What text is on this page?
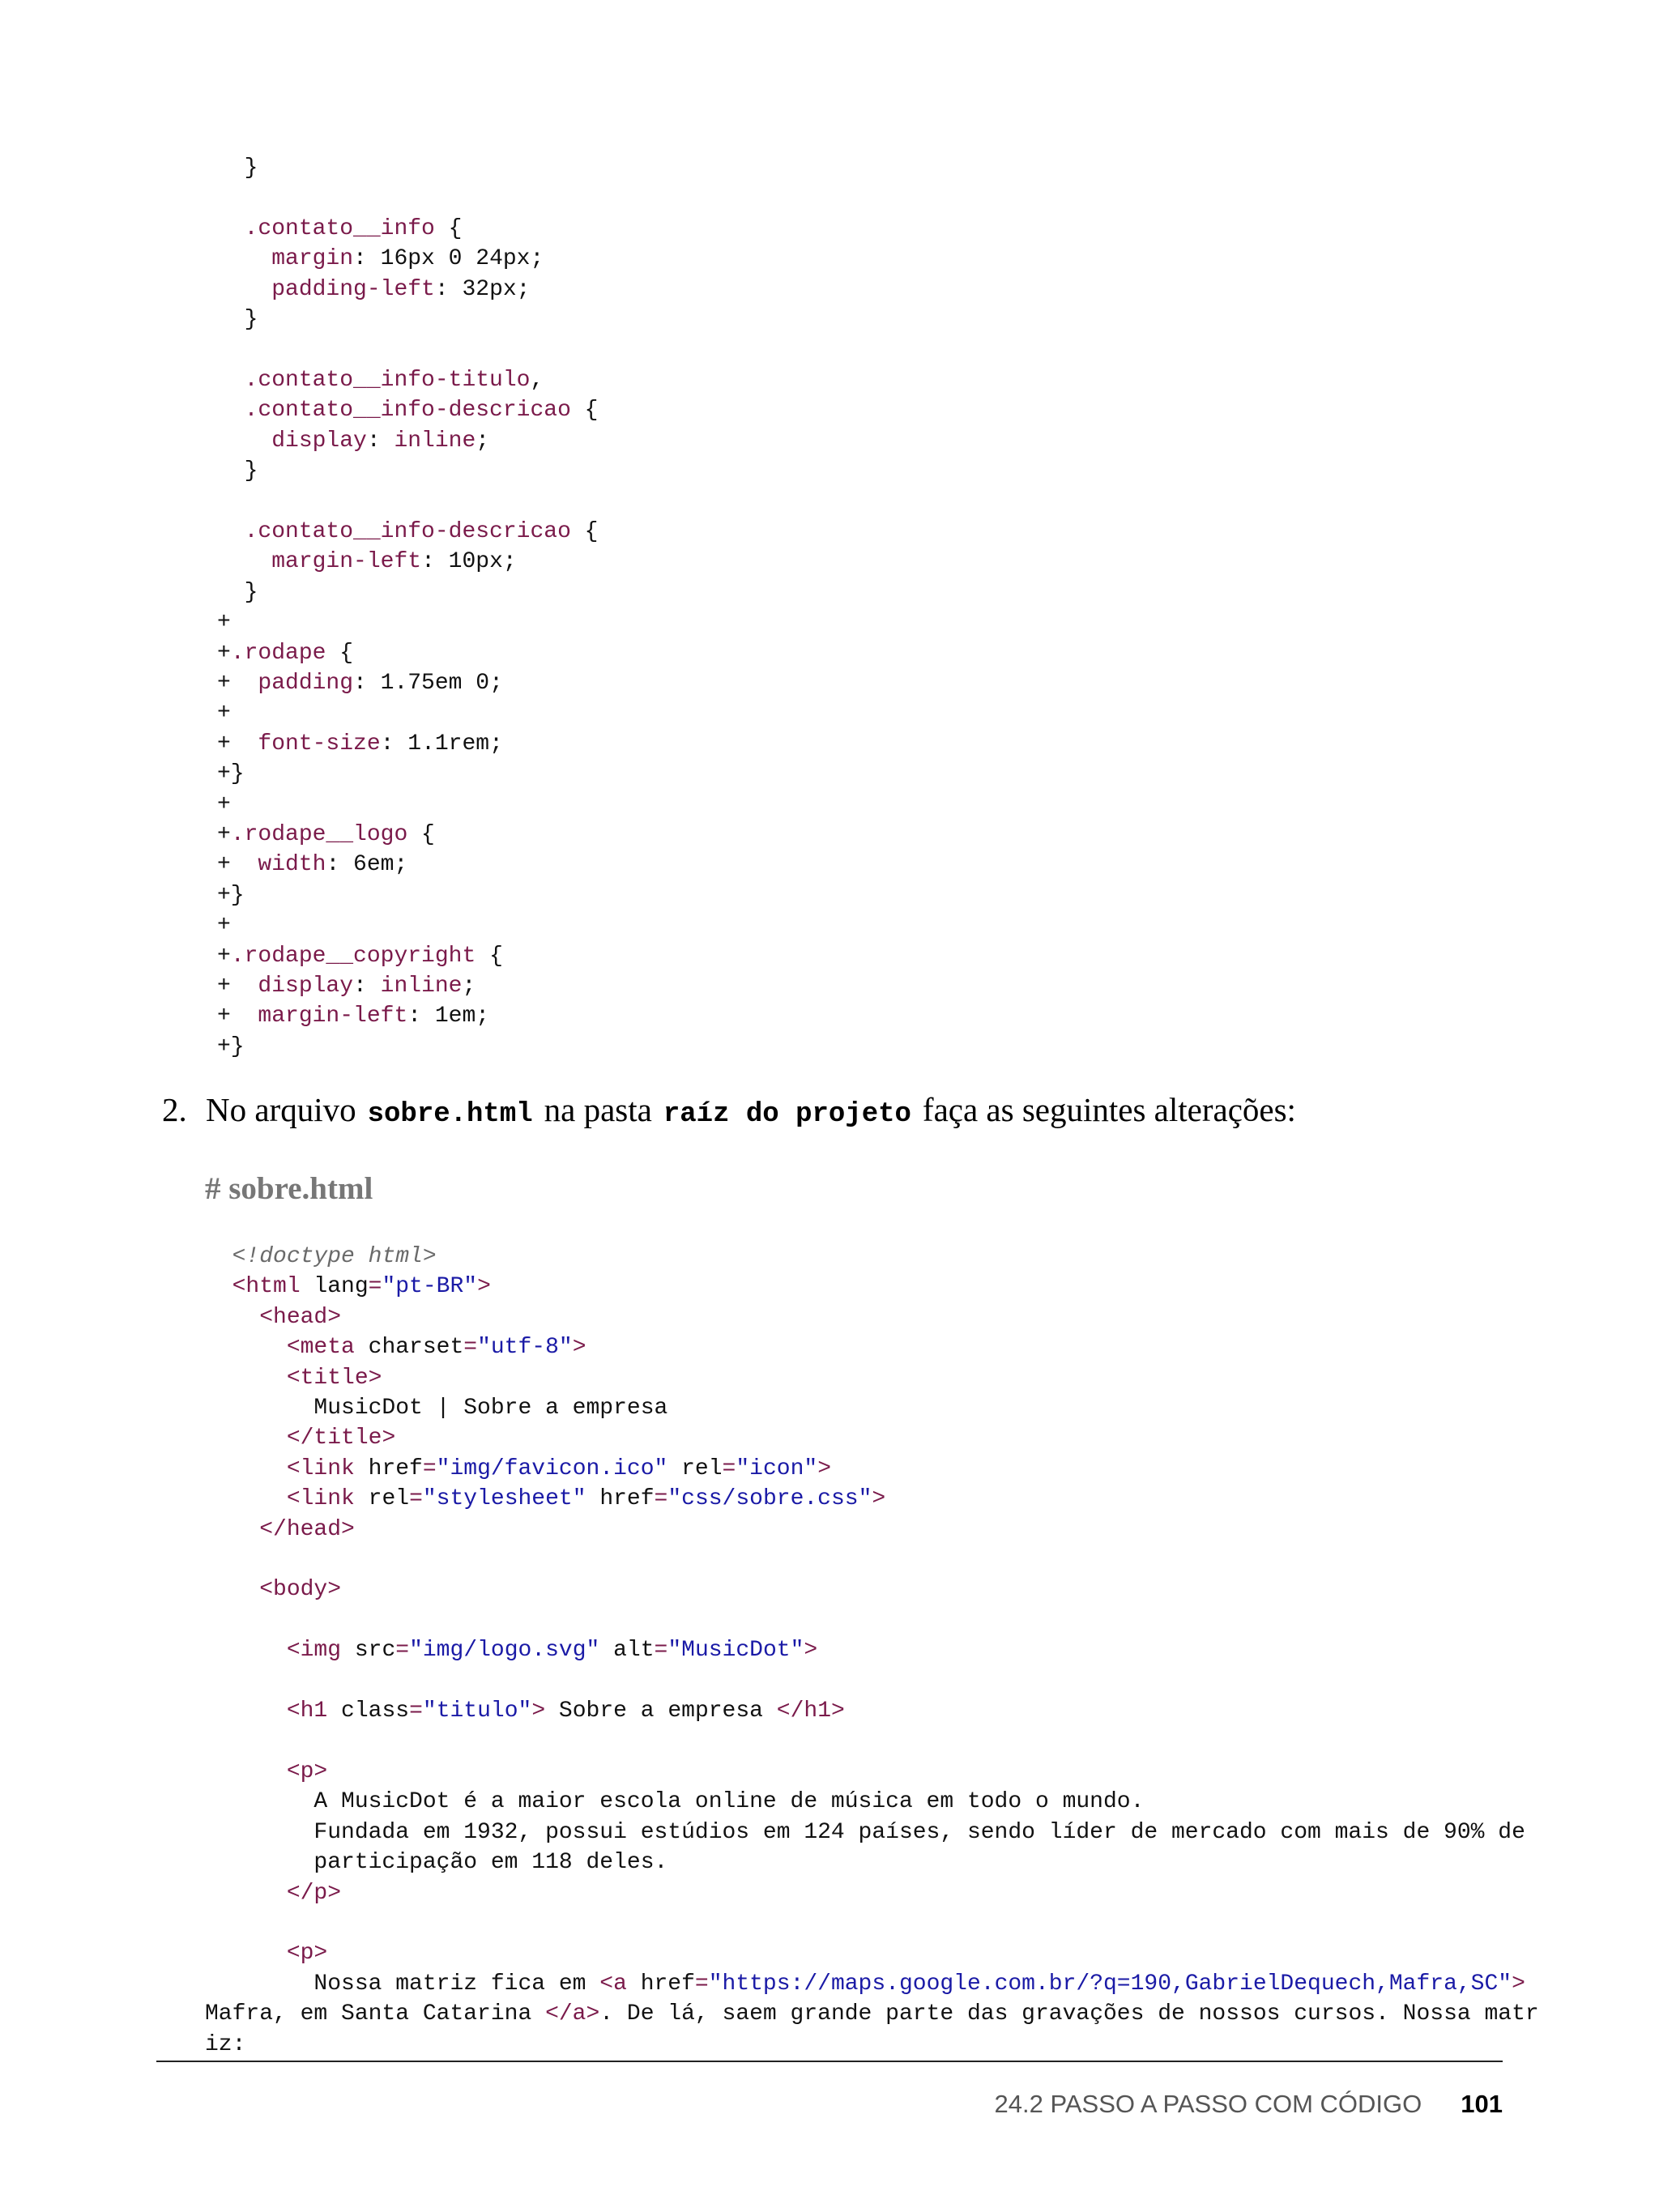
}

.contato__info {
margin: 16px 0 24px;
padding-left: 32px;
}

.contato__info-titulo,
.contato__info-descricao {
display: inline;
}

.contato__info-descricao {
margin-left: 10px;
}
+
+.rodape {
+  padding: 1.75em 0;
+
+  font-size: 1.1rem;
+}
+
+.rodape__logo {
+  width: 6em;
+}
+
+.rodape__copyright {
+  display: inline;
+  margin-left: 1em;
+}

2. No arquivo sobre.html na pasta raíz do projeto faça as seguintes alterações:
# sobre.html
<!doctype html>
<html lang="pt-BR">
<head>
<meta charset="utf-8">
<title>
MusicDot | Sobre a empresa
</title>
<link href="img/favicon.ico" rel="icon">
<link rel="stylesheet" href="css/sobre.css">
</head>

<body>

<img src="img/logo.svg" alt="MusicDot">

<h1 class="titulo"> Sobre a empresa </h1>

<p>
A MusicDot é a maior escola online de música em todo o mundo.
Fundada em 1932, possui estúdios em 124 países, sendo líder de mercado com mais de 90% de
participação em 118 deles.
</p>

<p>
Nossa matriz fica em <a href="https://maps.google.com.br/?q=190,GabrielDequech,Mafra,SC">
Mafra, em Santa Catarina </a>. De lá, saem grande parte das gravações de nossos cursos. Nossa matr
iz:

24.2 PASSO A PASSO COM CÓDIGO 101
